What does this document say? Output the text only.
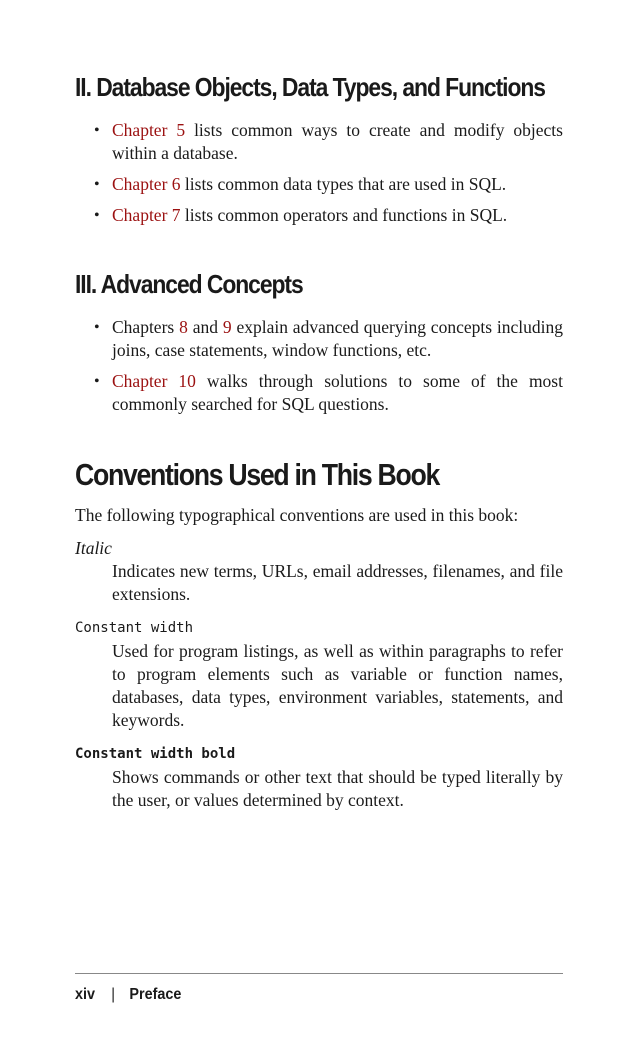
II. Database Objects, Data Types, and Functions
• Chapter 5 lists common ways to create and modify objects within a database.
• Chapter 6 lists common data types that are used in SQL.
• Chapter 7 lists common operators and functions in SQL.
III. Advanced Concepts
• Chapters 8 and 9 explain advanced querying concepts including joins, case statements, window functions, etc.
• Chapter 10 walks through solutions to some of the most commonly searched for SQL questions.
Conventions Used in This Book

The following typographical conventions are used in this book:

Italic

Indicates new terms, URLs, email addresses, filenames, and file extensions.

Constant width

Used for program listings, as well as within paragraphs to refer to program elements such as variable or function names, databases, data types, environment variables, statements, and keywords.

Constant width bold

Shows commands or other text that should be typed literally by the user, or values determined by context.

xiv | Preface
